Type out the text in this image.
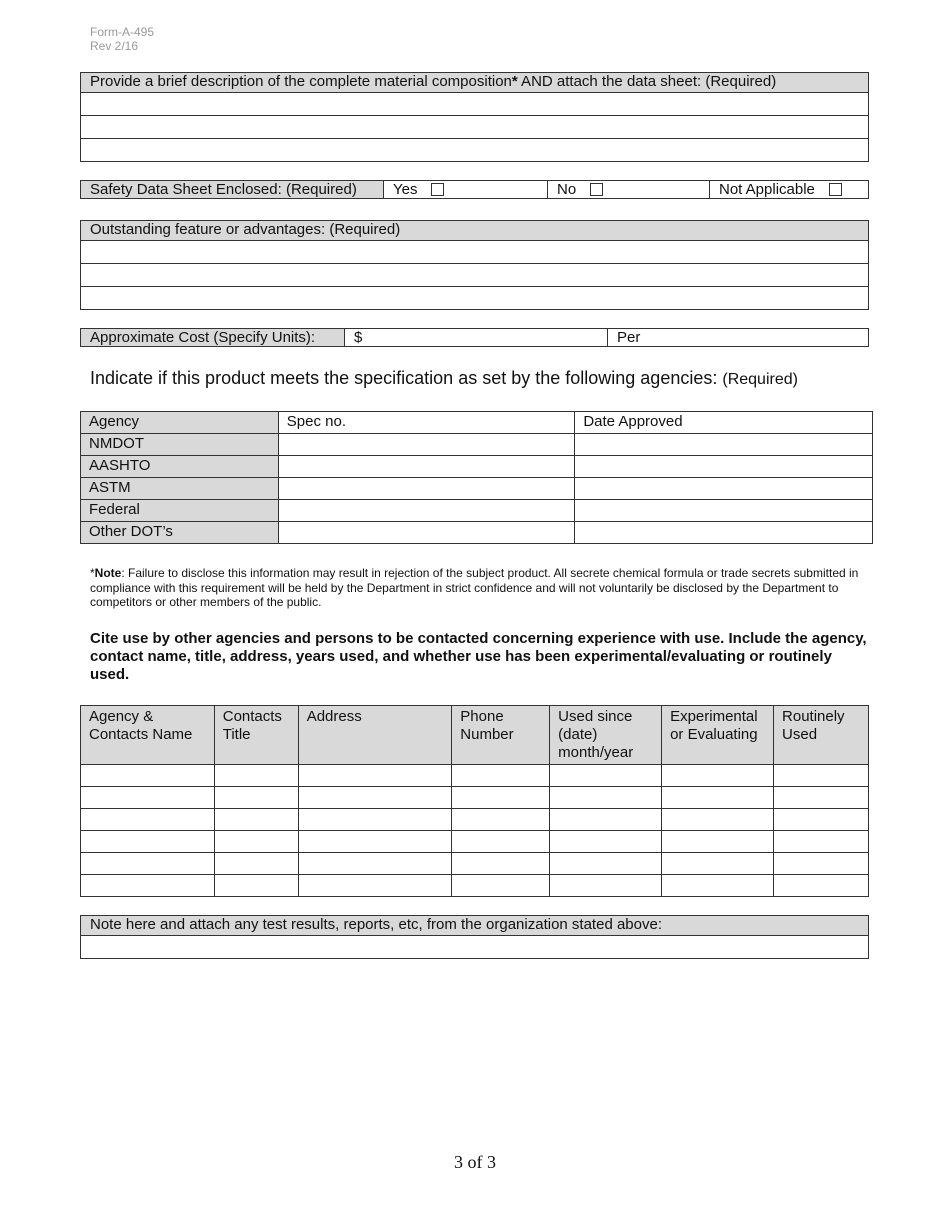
Form-A-495
Rev 2/16
Provide a brief description of the complete material composition* AND attach the data sheet: (Required)
Safety Data Sheet Enclosed: (Required)	Yes	No	Not Applicable
Outstanding feature or advantages: (Required)
Approximate Cost (Specify Units):	$	Per
Indicate if this product meets the specification as set by the following agencies: (Required)
Agency	Spec no.	Date Approved
NMDOT		
AASHTO		
ASTM		
Federal		
Other DOT’s		
*Note: Failure to disclose this information may result in rejection of the subject product. All secrete chemical formula or trade secrets submitted in compliance with this requirement will be held by the Department in strict confidence and will not voluntarily be disclosed by the Department to competitors or other members of the public.
Cite use by other agencies and persons to be contacted concerning experience with use. Include the agency, contact name, title, address, years used, and whether use has been experimental/evaluating or routinely used.
Agency & Contacts Name	Contacts Title	Address	Phone Number	Used since (date) month/year	Experimental or Evaluating	Routinely Used

Note here and attach any test results, reports, etc, from the organization stated above:
3 of 3
